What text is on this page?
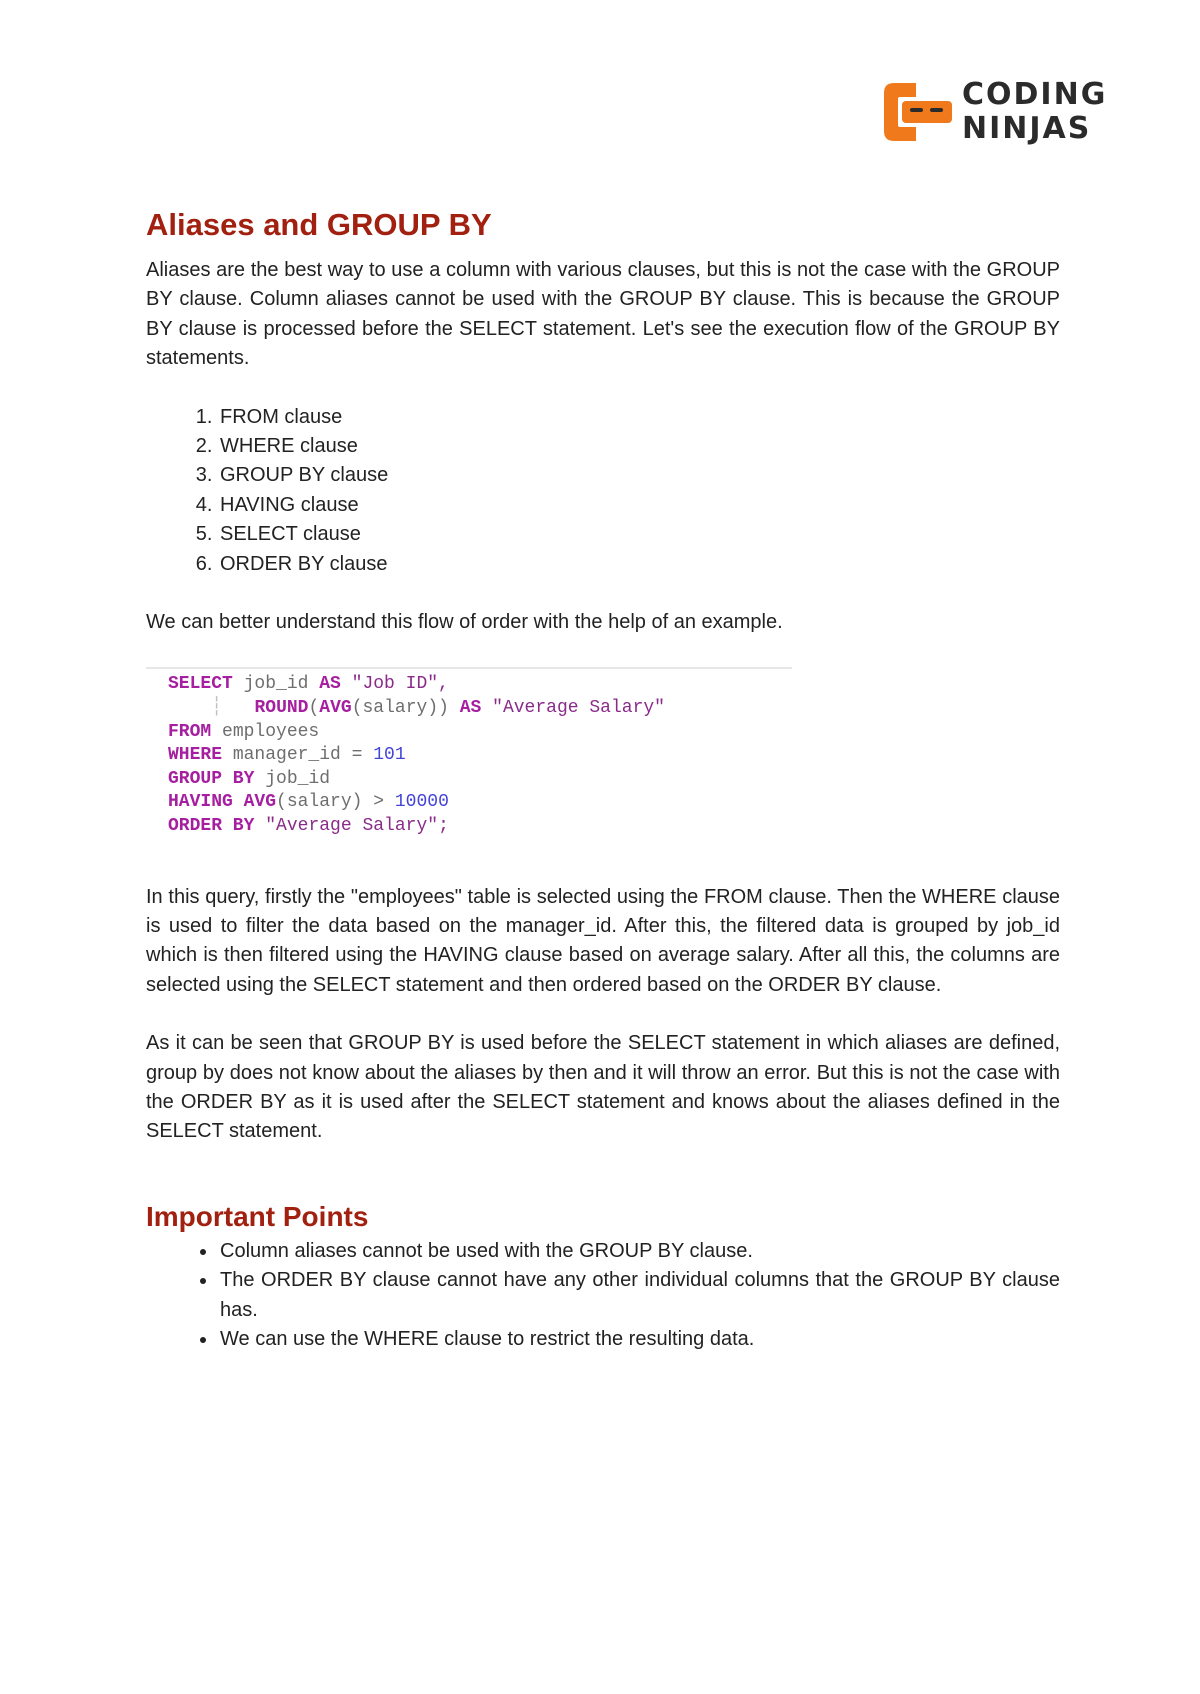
CODING
NINJAS
Aliases and GROUP BY

Aliases are the best way to use a column with various clauses, but this is not the case with the GROUP BY clause. Column aliases cannot be used with the GROUP BY clause. This is because the GROUP BY clause is processed before the SELECT statement. Let's see the execution flow of the GROUP BY statements.

1. FROM clause
2. WHERE clause
3. GROUP BY clause
4. HAVING clause
5. SELECT clause
6. ORDER BY clause

We can better understand this flow of order with the help of an example.

SELECT job_id AS "Job ID",
┆ ROUND(AVG(salary)) AS "Average Salary"
FROM employees
WHERE manager_id = 101
GROUP BY job_id
HAVING AVG(salary) > 10000
ORDER BY "Average Salary";

In this query, firstly the "employees" table is selected using the FROM clause. Then the WHERE clause is used to filter the data based on the manager_id. After this, the filtered data is grouped by job_id which is then filtered using the HAVING clause based on average salary. After all this, the columns are selected using the SELECT statement and then ordered based on the ORDER BY clause.

As it can be seen that GROUP BY is used before the SELECT statement in which aliases are defined, group by does not know about the aliases by then and it will throw an error. But this is not the case with the ORDER BY as it is used after the SELECT statement and knows about the aliases defined in the SELECT statement.

Important Points
• Column aliases cannot be used with the GROUP BY clause.
• The ORDER BY clause cannot have any other individual columns that the GROUP BY clause has.
• We can use the WHERE clause to restrict the resulting data.
